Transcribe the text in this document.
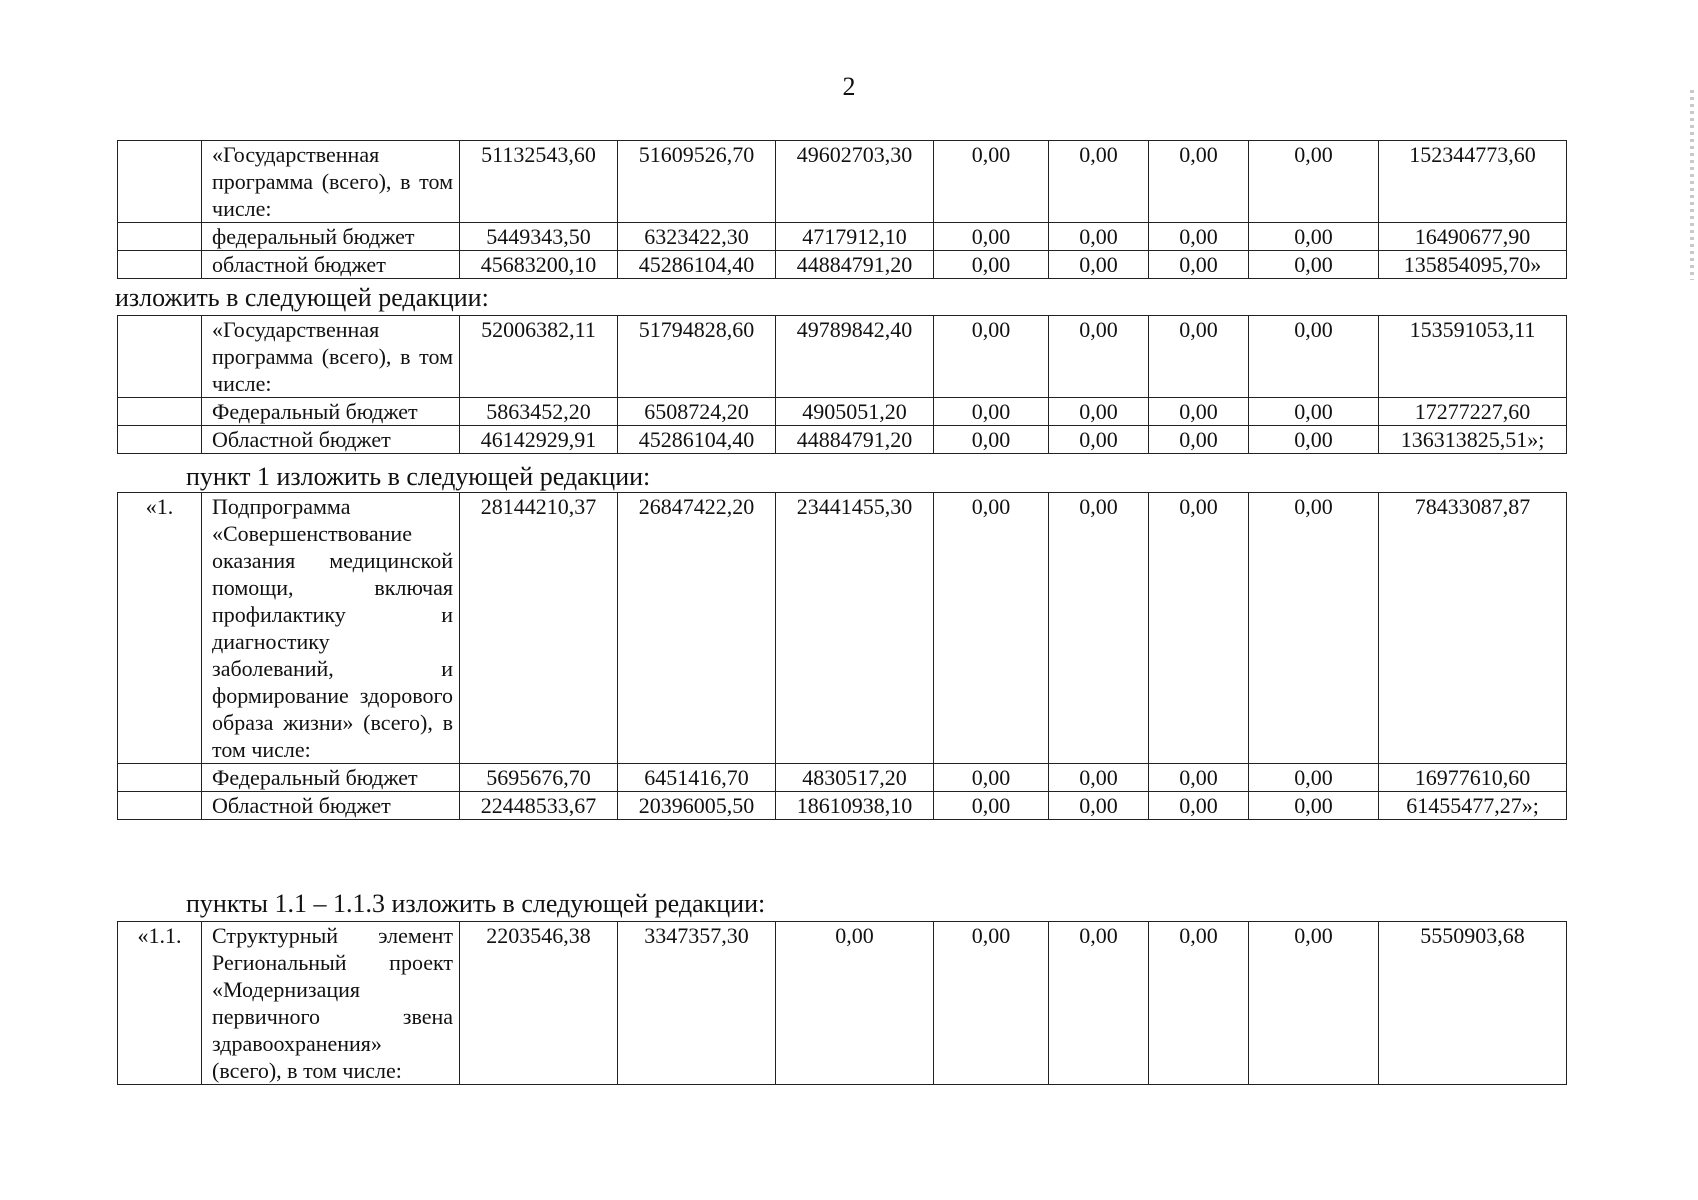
2
	«Государственная программа (всего), в том числе:	51132543,60	51609526,70	49602703,30	0,00	0,00	0,00	0,00	152344773,60
	федеральный бюджет	5449343,50	6323422,30	4717912,10	0,00	0,00	0,00	0,00	16490677,90
	областной бюджет	45683200,10	45286104,40	44884791,20	0,00	0,00	0,00	0,00	135854095,70»
изложить в следующей редакции:
	«Государственная программа (всего), в том числе:	52006382,11	51794828,60	49789842,40	0,00	0,00	0,00	0,00	153591053,11
	Федеральный бюджет	5863452,20	6508724,20	4905051,20	0,00	0,00	0,00	0,00	17277227,60
	Областной бюджет	46142929,91	45286104,40	44884791,20	0,00	0,00	0,00	0,00	136313825,51»;
пункт 1 изложить в следующей редакции:
«1.	Подпрограмма «Совершенствование оказания медицинской помощи, включая профилактику и диагностику заболеваний, и формирование здорового образа жизни» (всего), в том числе:	28144210,37	26847422,20	23441455,30	0,00	0,00	0,00	0,00	78433087,87
	Федеральный бюджет	5695676,70	6451416,70	4830517,20	0,00	0,00	0,00	0,00	16977610,60
	Областной бюджет	22448533,67	20396005,50	18610938,10	0,00	0,00	0,00	0,00	61455477,27»;
пункты 1.1 – 1.1.3 изложить в следующей редакции:
«1.1.	Структурный элемент Региональный проект «Модернизация первичного звена здравоохранения» (всего), в том числе:	2203546,38	3347357,30	0,00	0,00	0,00	0,00	0,00	5550903,68
